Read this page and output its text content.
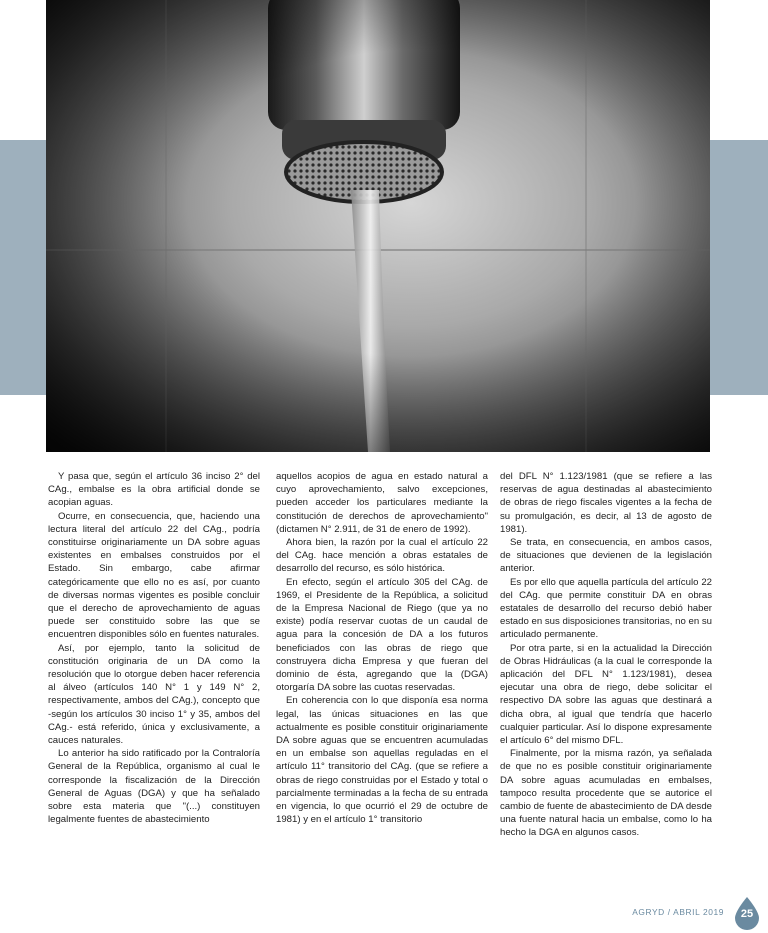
Y pasa que, según el artículo 36 inciso 2° del CAg., embalse es la obra artificial donde se acopian aguas.

Ocurre, en consecuencia, que, haciendo una lectura literal del artículo 22 del CAg., podría constituirse originariamente un DA sobre aguas existentes en embalses construidos por el Estado. Sin embargo, cabe afirmar categóricamente que ello no es así, por cuanto de diversas normas vigentes es posible concluir que el derecho de aprovechamiento de aguas puede ser constituido sobre las que se encuentren disponibles sólo en fuentes naturales.

Así, por ejemplo, tanto la solicitud de constitución originaria de un DA como la resolución que lo otorgue deben hacer referencia al álveo (artículos 140 N° 1 y 149 N° 2, respectivamente, ambos del CAg.), concepto que -según los artículos 30 inciso 1° y 35, ambos del CAg.- está referido, única y exclusivamente, a cauces naturales.

Lo anterior ha sido ratificado por la Contraloría General de la República, organismo al cual le corresponde la fiscalización de la Dirección General de Aguas (DGA) y que ha señalado sobre esta materia que "(...) constituyen legalmente fuentes de abastecimiento

aquellos acopios de agua en estado natural a cuyo aprovechamiento, salvo excepciones, pueden acceder los particulares mediante la constitución de derechos de aprovechamiento" (dictamen N° 2.911, de 31 de enero de 1992).

Ahora bien, la razón por la cual el artículo 22 del CAg. hace mención a obras estatales de desarrollo del recurso, es sólo histórica.

En efecto, según el artículo 305 del CAg. de 1969, el Presidente de la República, a solicitud de la Empresa Nacional de Riego (que ya no existe) podía reservar cuotas de un caudal de agua para la concesión de DA a los futuros beneficiados con las obras de riego que construyera dicha Empresa y que fueran del dominio de ésta, agregando que la (DGA) otorgaría DA sobre las cuotas reservadas.

En coherencia con lo que disponía esa norma legal, las únicas situaciones en las que actualmente es posible constituir originariamente DA sobre aguas que se encuentren acumuladas en un embalse son aquellas reguladas en el artículo 11° transitorio del CAg. (que se refiere a obras de riego construidas por el Estado y total o parcialmente terminadas a la fecha de su entrada en vigencia, lo que ocurrió el 29 de octubre de 1981) y en el artículo 1° transitorio

del DFL N° 1.123/1981 (que se refiere a las reservas de agua destinadas al abastecimiento de obras de riego fiscales vigentes a la fecha de su promulgación, es decir, al 13 de agosto de 1981).

Se trata, en consecuencia, en ambos casos, de situaciones que devienen de la legislación anterior.

Es por ello que aquella partícula del artículo 22 del CAg. que permite constituir DA en obras estatales de desarrollo del recurso debió haber estado en sus disposiciones transitorias, no en su articulado permanente.

Por otra parte, si en la actualidad la Dirección de Obras Hidráulicas (a la cual le corresponde la aplicación del DFL N° 1.123/1981), desea ejecutar una obra de riego, debe solicitar el respectivo DA sobre las aguas que destinará a dicha obra, al igual que tendría que hacerlo cualquier particular. Así lo dispone expresamente el artículo 6° del mismo DFL.

Finalmente, por la misma razón, ya señalada de que no es posible constituir originariamente DA sobre aguas acumuladas en embalses, tampoco resulta procedente que se autorice el cambio de fuente de abastecimiento de DA desde una fuente natural hacia un embalse, como lo ha hecho la DGA en algunos casos.

AGRYD / ABRIL 2019	25
